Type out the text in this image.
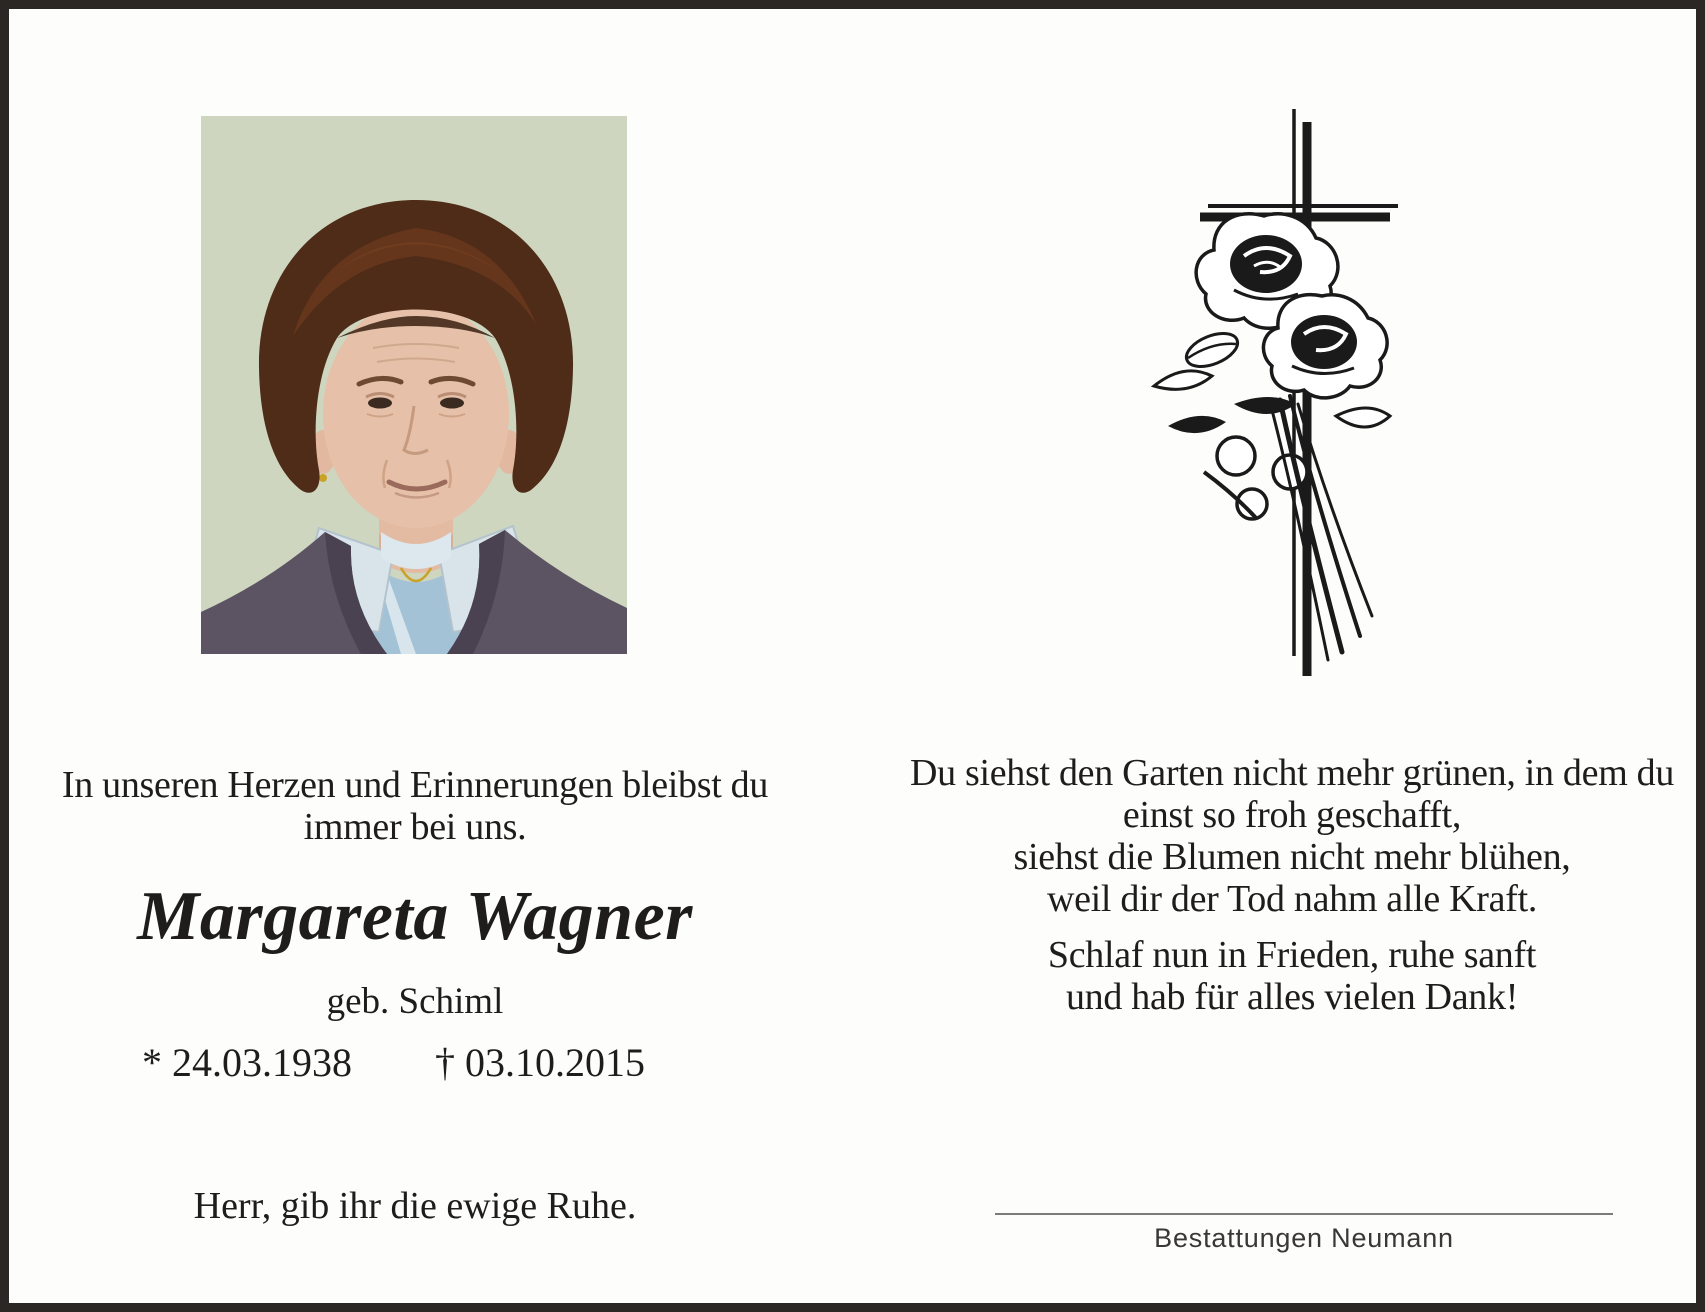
In unseren Herzen und Erinnerungen bleibst du
immer bei uns.
Margareta Wagner
geb. Schiml
* 24.03.1938 † 03.10.2015
Herr, gib ihr die ewige Ruhe.
Du siehst den Garten nicht mehr grünen, in dem du
einst so froh geschafft,
siehst die Blumen nicht mehr blühen,
weil dir der Tod nahm alle Kraft.
Schlaf nun in Frieden, ruhe sanft
und hab für alles vielen Dank!
Bestattungen Neumann
